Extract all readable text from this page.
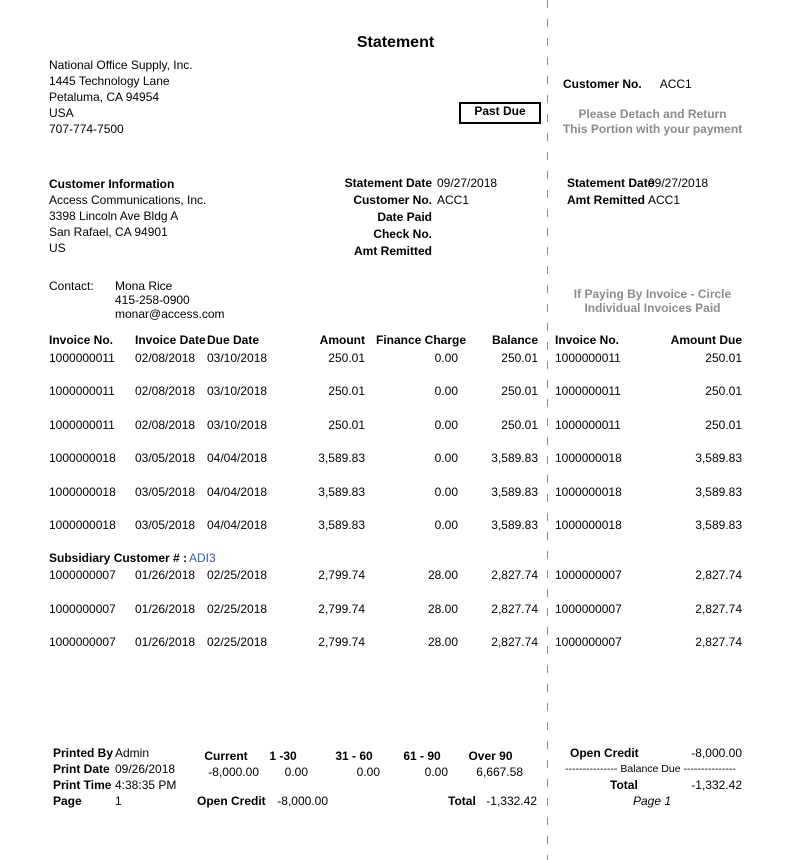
Statement
National Office Supply, Inc.
1445 Technology Lane
Petaluma, CA 94954
USA
707-774-7500
Customer No. ACC1
Past Due	Please Detach and Return
This Portion with your payment
Customer Information
Access Communications, Inc.
3398 Lincoln Ave Bldg A
San Rafael, CA 94901
US
Statement Date 09/27/2018
Customer No. ACC1
Date Paid
Check No.
Amt Remitted
Statement Date
09/27/2018
Amt Remitted ACC1
Contact:	Mona Rice
415-258-0900
monar@access.com
If Paying By Invoice - Circle
Individual Invoices Paid
Invoice No. Invoice Date Due Date	Amount Finance Charge	Balance Invoice No.	Amount Due
1000000011 02/08/2018 03/10/2018	250.01	0.00	250.01 1000000011	250.01
1000000011 02/08/2018 03/10/2018	250.01	0.00	250.01 1000000011	250.01
1000000011 02/08/2018 03/10/2018	250.01	0.00	250.01 1000000011	250.01
1000000018 03/05/2018 04/04/2018	3,589.83	0.00	3,589.83 1000000018	3,589.83
1000000018 03/05/2018 04/04/2018	3,589.83	0.00	3,589.83 1000000018	3,589.83
1000000018 03/05/2018 04/04/2018	3,589.83	0.00	3,589.83 1000000018	3,589.83
Subsidiary Customer # : ADI3
1000000007 01/26/2018 02/25/2018	2,799.74	28.00	2,827.74 1000000007	2,827.74
1000000007 01/26/2018 02/25/2018	2,799.74	28.00	2,827.74 1000000007	2,827.74
1000000007 01/26/2018 02/25/2018	2,799.74	28.00	2,827.74 1000000007	2,827.74
Printed By Admin
Print Date 09/26/2018
Print Time 4:38:35 PM
Page	1
Current
-8,000.00
1 -30
0.00
31 - 60
0.00
61 - 90
0.00
Over 90
6,667.58
Open Credit -8,000.00	Total -1,332.42
Open Credit	-8,000.00
--------------- Balance Due ---------------
Total	-1,332.42
Page 1
